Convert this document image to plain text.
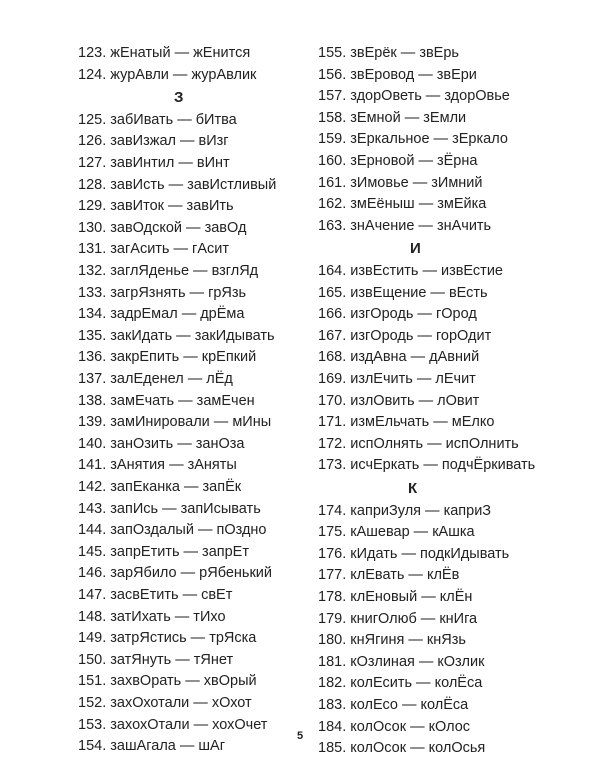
123. жЕнатый — жЕнится
124. журАвли — журАвлик
З
125. забИвать — бИтва
126. завИзжал — вИзг
127. завИнтил — вИнт
128. завИсть — завИстливый
129. завИток — завИть
130. завОдской — завОд
131. загАсить — гАсит
132. заглЯденье — взглЯд
133. загрЯзнять — грЯзь
134. задрЕмал — дрЁма
135. закИдать — закИдывать
136. закрЕпить — крЕпкий
137. залЕденел — лЁд
138. замЕчать — замЕчен
139. замИнировали — мИны
140. занОзить — занОза
141. зАнятия — зАняты
142. запЕканка — запЁк
143. запИсь — запИсывать
144. запОздалый — пОздно
145. запрЕтить — запрЕт
146. зарЯбило — рЯбенький
147. засвЕтить — свЕт
148. затИхать — тИхо
149. затрЯстись — трЯска
150. затЯнуть — тЯнет
151. захвОрать — хвОрый
152. захОхотали — хОхот
153. захохОтали — хохОчет
154. зашАгала — шАг
155. звЕрёк — звЕрь
156. звЕровод — звЕри
157. здорОветь — здорОвье
158. зЕмной — зЕмли
159. зЕркальное — зЕркало
160. зЕрновой — зЁрна
161. зИмовье — зИмний
162. змЕёныш — змЕйка
163. знАчение — знАчить
И
164. извЕстить — извЕстие
165. извЕщение — вЕсть
166. изгОродь — гОрод
167. изгОродь — горОдит
168. издАвна — дАвний
169. излЕчить — лЕчит
170. излОвить — лОвит
171. измЕльчать — мЕлко
172. испОлнять — испОлнить
173. исчЕркать — подчЁркивать
К
174. каприЗуля — каприЗ
175. кАшевар — кАшка
176. кИдать — подкИдывать
177. клЕвать — клЁв
178. клЕновый — клЁн
179. книгОлюб — кнИга
180. кнЯгиня — кнЯзь
181. кОзлиная — кОзлик
182. колЕсить — колЁса
183. колЕсо — колЁса
184. колОсок — кОлос
185. колОсок — колОсья
5
